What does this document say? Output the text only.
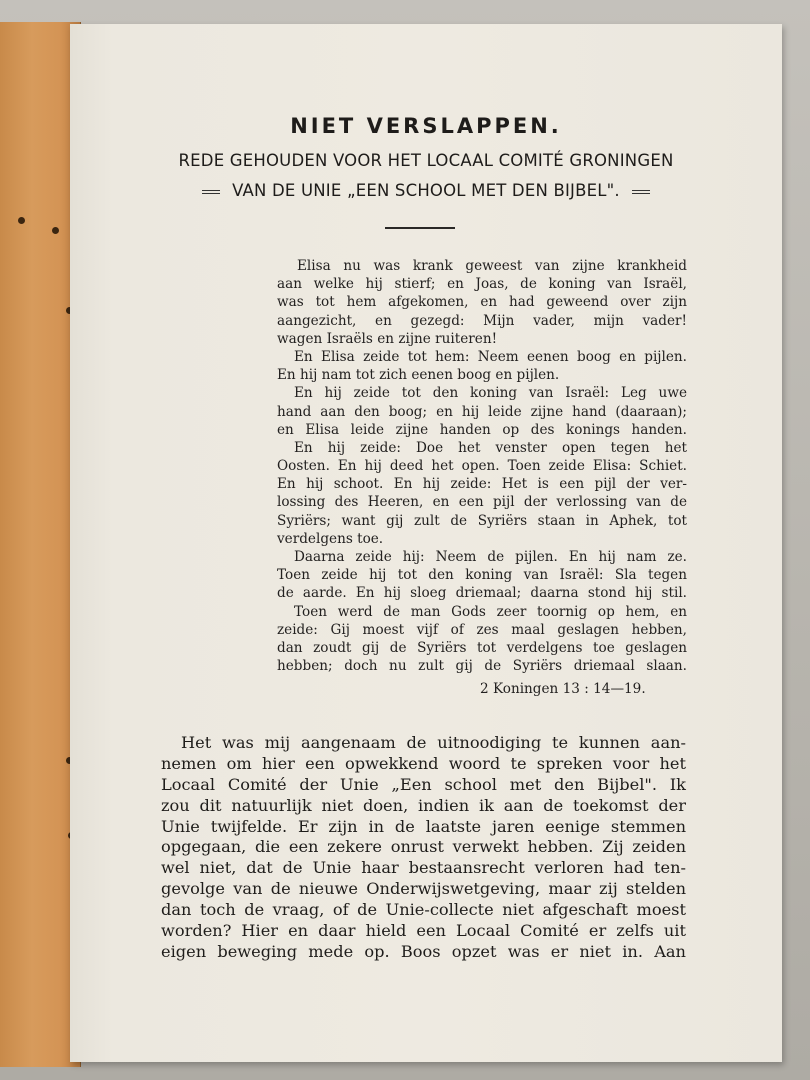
NIET VERSLAPPEN.
REDE GEHOUDEN VOOR HET LOCAAL COMITÉ GRONINGEN
VAN DE UNIE „EEN SCHOOL MET DEN BIJBEL".
Elisa nu was krank geweest van zijne krankheid
aan welke hij stierf; en Joas, de koning van Israël,
was tot hem afgekomen, en had geweend over zijn
aangezicht, en gezegd: Mijn vader, mijn vader!
wagen Israëls en zijne ruiteren!
En Elisa zeide tot hem: Neem eenen boog en pijlen.
En hij nam tot zich eenen boog en pijlen.
En hij zeide tot den koning van Israël: Leg uwe
hand aan den boog; en hij leide zijne hand (daaraan);
en Elisa leide zijne handen op des konings handen.
En hij zeide: Doe het venster open tegen het
Oosten. En hij deed het open. Toen zeide Elisa: Schiet.
En hij schoot. En hij zeide: Het is een pijl der ver-
lossing des Heeren, en een pijl der verlossing van de
Syriërs; want gij zult de Syriërs staan in Aphek, tot
verdelgens toe.
Daarna zeide hij: Neem de pijlen. En hij nam ze.
Toen zeide hij tot den koning van Israël: Sla tegen
de aarde. En hij sloeg driemaal; daarna stond hij stil.
Toen werd de man Gods zeer toornig op hem, en
zeide: Gij moest vijf of zes maal geslagen hebben,
dan zoudt gij de Syriërs tot verdelgens toe geslagen
hebben; doch nu zult gij de Syriërs driemaal slaan.
2 Koningen 13 : 14—19.
Het was mij aangenaam de uitnoodiging te kunnen aan-
nemen om hier een opwekkend woord te spreken voor het
Locaal Comité der Unie „Een school met den Bijbel". Ik
zou dit natuurlijk niet doen, indien ik aan de toekomst der
Unie twijfelde. Er zijn in de laatste jaren eenige stemmen
opgegaan, die een zekere onrust verwekt hebben. Zij zeiden
wel niet, dat de Unie haar bestaansrecht verloren had ten-
gevolge van de nieuwe Onderwijswetgeving, maar zij stelden
dan toch de vraag, of de Unie-collecte niet afgeschaft moest
worden? Hier en daar hield een Locaal Comité er zelfs uit
eigen beweging mede op. Boos opzet was er niet in. Aan
